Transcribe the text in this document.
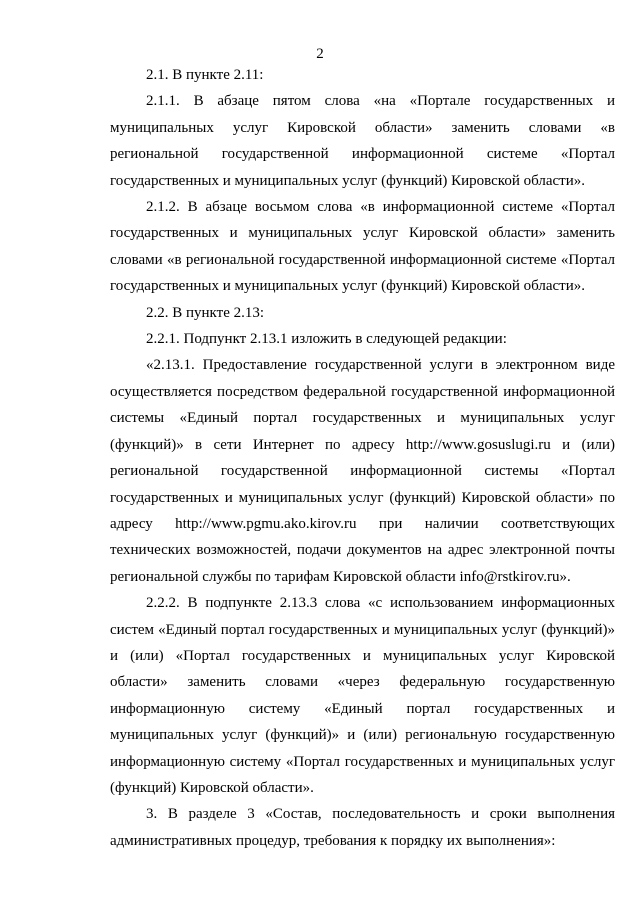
2

2.1. В пункте 2.11:

2.1.1. В абзаце пятом слова «на «Портале государственных и муниципальных услуг Кировской области» заменить словами «в региональной государственной информационной системе «Портал государственных и муниципальных услуг (функций) Кировской области».

2.1.2. В абзаце восьмом слова «в информационной системе «Портал государственных и муниципальных услуг Кировской области» заменить словами «в региональной государственной информационной системе «Портал государственных и муниципальных услуг (функций) Кировской области».

2.2. В пункте 2.13:

2.2.1. Подпункт 2.13.1 изложить в следующей редакции:

«2.13.1. Предоставление государственной услуги в электронном виде осуществляется посредством федеральной государственной информационной системы «Единый портал государственных и муниципальных услуг (функций)» в сети Интернет по адресу http://www.gosuslugi.ru и (или) региональной государственной информационной системы «Портал государственных и муниципальных услуг (функций) Кировской области» по адресу http://www.pgmu.ako.kirov.ru при наличии соответствующих технических возможностей, подачи документов на адрес электронной почты региональной службы по тарифам Кировской области info@rstkirov.ru».

2.2.2. В подпункте 2.13.3 слова «с использованием информационных систем «Единый портал государственных и муниципальных услуг (функций)» и (или) «Портал государственных и муниципальных услуг Кировской области» заменить словами «через федеральную государственную информационную систему «Единый портал государственных и муниципальных услуг (функций)» и (или) региональную государственную информационную систему «Портал государственных и муниципальных услуг (функций) Кировской области».

3. В разделе 3 «Состав, последовательность и сроки выполнения административных процедур, требования к порядку их выполнения»:
